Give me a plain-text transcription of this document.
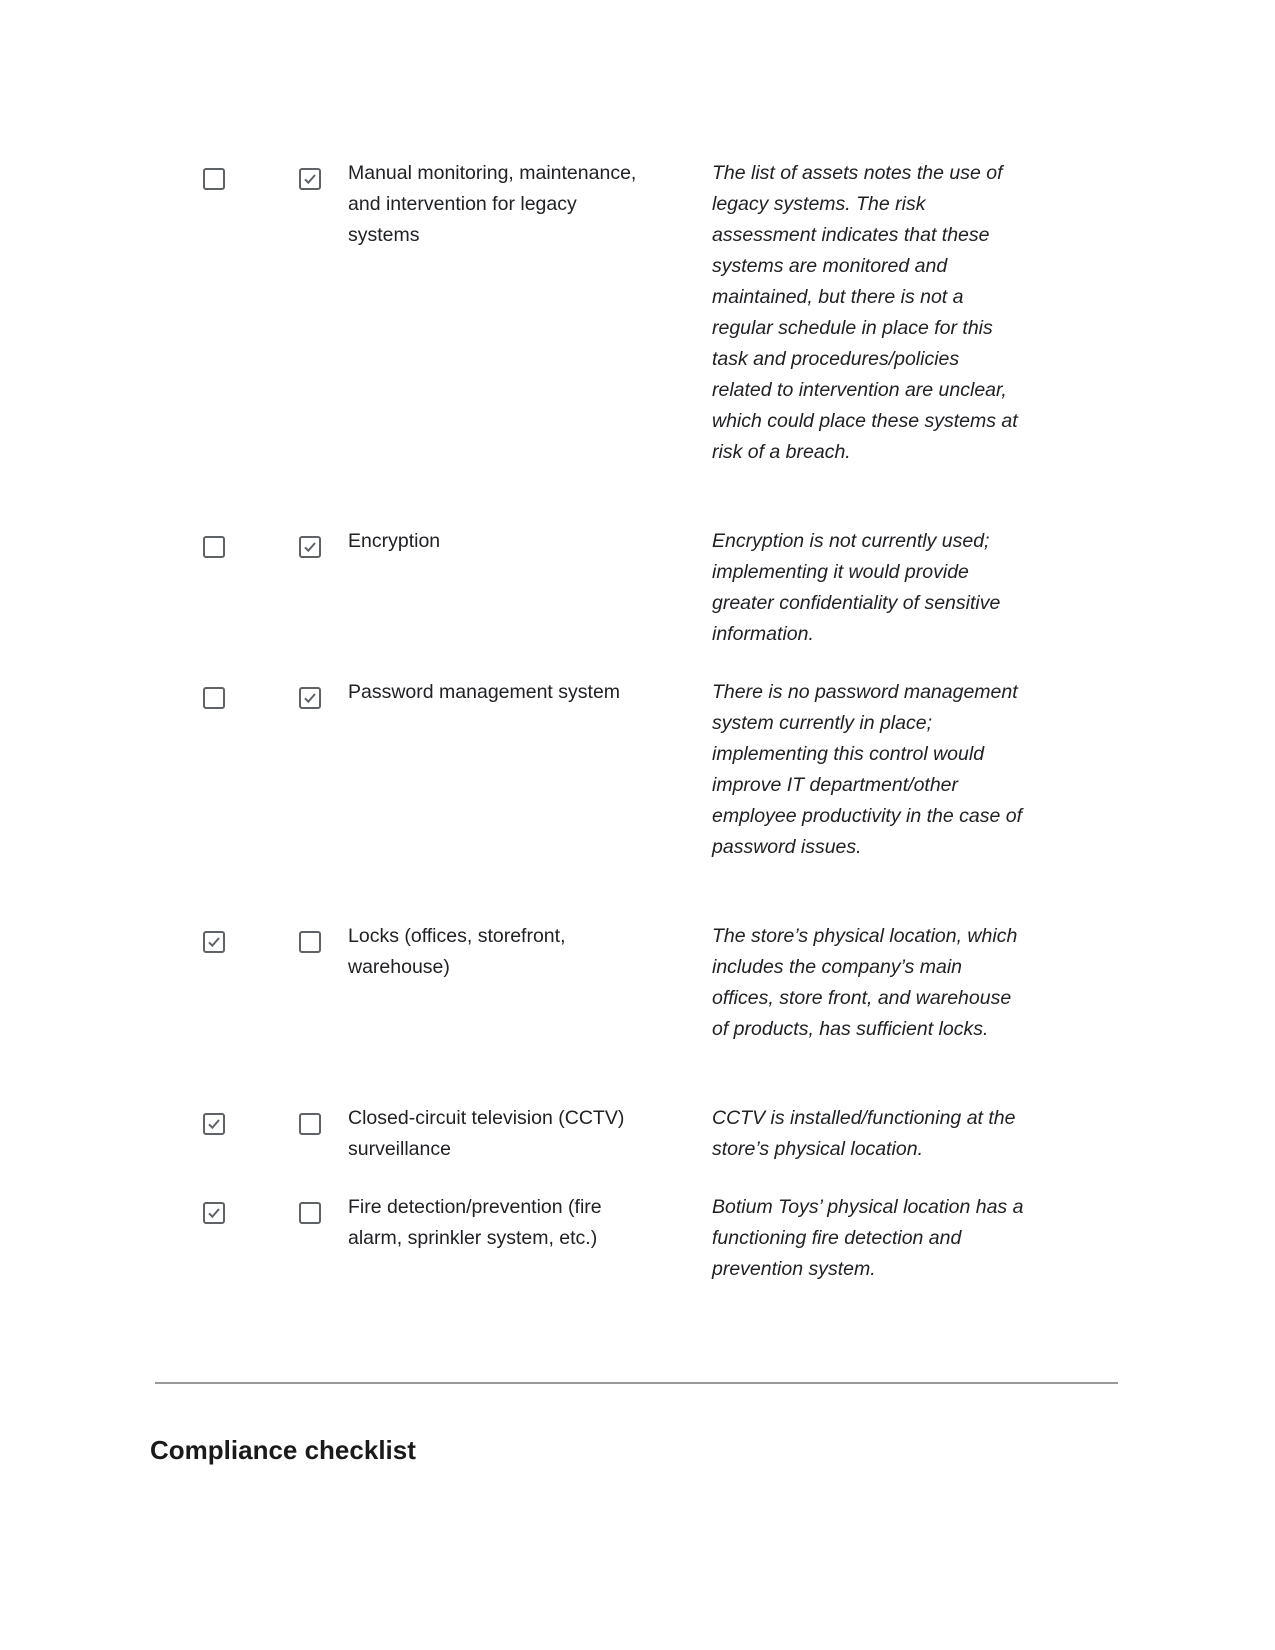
Manual monitoring, maintenance, and intervention for legacy systems
The list of assets notes the use of legacy systems. The risk assessment indicates that these systems are monitored and maintained, but there is not a regular schedule in place for this task and procedures/policies related to intervention are unclear, which could place these systems at risk of a breach.
Encryption	Encryption is not currently used; implementing it would provide greater confidentiality of sensitive information.
Password management system	There is no password management system currently in place; implementing this control would improve IT department/other employee productivity in the case of password issues.
Locks (offices, storefront, warehouse)
The store’s physical location, which includes the company’s main offices, store front, and warehouse of products, has sufficient locks.
Closed-circuit television (CCTV) surveillance
CCTV is installed/functioning at the store’s physical location.
Fire detection/prevention (fire alarm, sprinkler system, etc.)
Botium Toys’ physical location has a functioning fire detection and prevention system.
Compliance checklist
